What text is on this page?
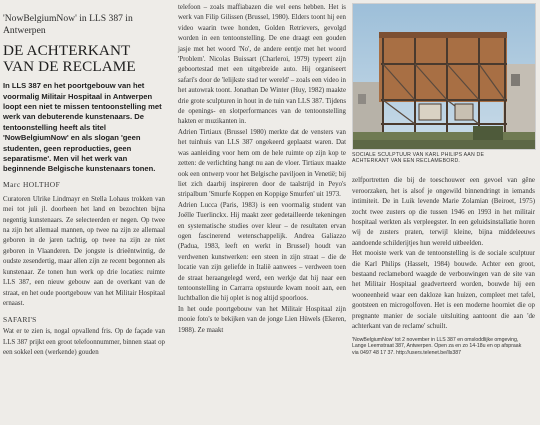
'NowBelgiumNow' in LLS 387 in Antwerpen
DE ACHTERKANT VAN DE RECLAME
In LLS 387 en het poortgebouw van het voormalig Militair Hospitaal in Antwerpen loopt een niet te missen tentoonstelling met werk van debuterende kunstenaars. De tentoonstelling heeft als titel 'NowBelgiumNow' en als slogan 'geen studenten, geen reproducties, geen separatisme'. Men vil het werk van beginnende Belgische kunstenaars tonen.
Marc HOLTHOF
Curatoren Ulrike Lindmayr en Stella Lohaus trokken van mei tot juli jl. doorheen het land en bezochten bijna negentig kunstenaars. Ze selecteerden er negen. Op twee na zijn het allemaal mannen, op twee na zijn ze allemaal geboren in de jaren tachtig, op twee na zijn ze niet geboren in Vlaanderen. De jongste is drieëntwintig, de oudste zesendertig, maar allen zijn ze recent begonnen als kunstenaar. Ze tonen hun werk op drie locaties: ruimte LLS 387, een nieuw gebouw aan de overkant van de straat, en het oude poortgebouw van het Militair Hospitaal ernaast.
SAFARI'S
Wat er te zien is, nogal opvallend fris. Op de façade van LLS 387 prijkt een groot telefoonnummer, binnen staat op een sokkel een (werkende) gouden
telefoon – zoals maffiabazen die wel eens hebben. Het is werk van Filip Gilissen (Brussel, 1980). Elders toont hij een video waarin twee honden, Golden Retrievers, gevolgd worden in een tentoonstelling. De ene draagt een gouden jasje met het woord 'No', de andere eentje met het woord 'Problem'. Nicolas Buissart (Charleroi, 1979) typeert zijn geboortestad met een uitgebreide auto. Hij organiseert safari's door de 'lelijkste stad ter wereld' – zoals een video in het autowrak toont. Jonathan De Winter (Huy, 1982) maakte drie grote sculpturen in hout in de tuin van LLS 387. Tijdens de openings- en slotperformances van de tentoonstelling hakten er muzikanten in.
Adrien Tirtiaux (Brussel 1980) merkte dat de vensters van het tuinhuis van LLS 387 ongekeerd geplaatst waren. Dat was aanleiding voor hem om de hele ruimte op zijn kop te zetten: de verlichting hangt nu aan de vloer. Tirtiaux maakte ook een ontwerp voor het Belgische paviljoen in Venetië; bij liet zich daarbij inspireren door de taalstrijd in Peyo's stripalbum 'Smurfe Koppen en Koppige Smurfen' uit 1973.
Adrien Lucca (Paris, 1983) is een voormalig student van Joëlle Tuerlinckx. Hij maakt zeer gedetailleerde tekeningen en systematische studies over kleur – de resultaten ervan ogen fascinerend wetenschappelijk. Andrea Galiazzo (Padua, 1983, leeft en werkt in Brussel) houdt van verdwenen kunstwerken: een steen in zijn straat – die de locatie van zijn geliefde in Italië aanwees – verdween toen de straat heraangelegd werd, een werkje dat hij naar een tentoonstelling in Carrarra opstuurde kwam nooit aan, een luchtballon die hij oplet is nog altijd spoorloos.
In het oude poortgebouw van het Militair Hospitaal zijn mooie foto's te bekijken van de jonge Lien Hüwels (Ekeren, 1988). Ze maakt
SOCIALE SCULPTUUR VAN KARL PHILIPS AAN DE ACHTERKANT VAN EEN RECLAMEBORD.
zelfportretten die bij de toeschouwer een gevoel van gêne veroorzaken, het is alsof je ongewild binnendringt in iemands intimiteit. De in Luik levende Marie Zolamian (Beiroet, 1975) zocht twee zusters op die tussen 1946 en 1993 in het militair hospitaal werkten als verpleegster. In een geluidsinstallatie horen wij de zusters praten, terwijl kleine, bijna middeleeuws aandoende schilderijtjes hun wereld uitbeelden.
Het mooiste werk van de tentoonstelling is de sociale sculptuur die Karl Philips (Hasselt, 1984) bouwde. Achter een groot, bestaand reclamebord waagde de verbouwingen van de site van het Militair Hospitaal geadverteerd worden, bouwde hij een wooneenheid waar een dakloze kan huizen, compleet met tafel, gootsteen en microgolfoven. Het is een moderne hoorniet die op pregnante manier de sociale uitsluiting aantoont die aan 'de achterkant van de reclame' schuilt.
'NowBelgiumNow' tot 2 november in LLS 387 en omsloddlijke omgeving, Lange Leemstraat 387, Antwerpen. Open za en zo 14-18u en op afspraak via 0497 48 17 37. http://users.telenet.be/lls387
